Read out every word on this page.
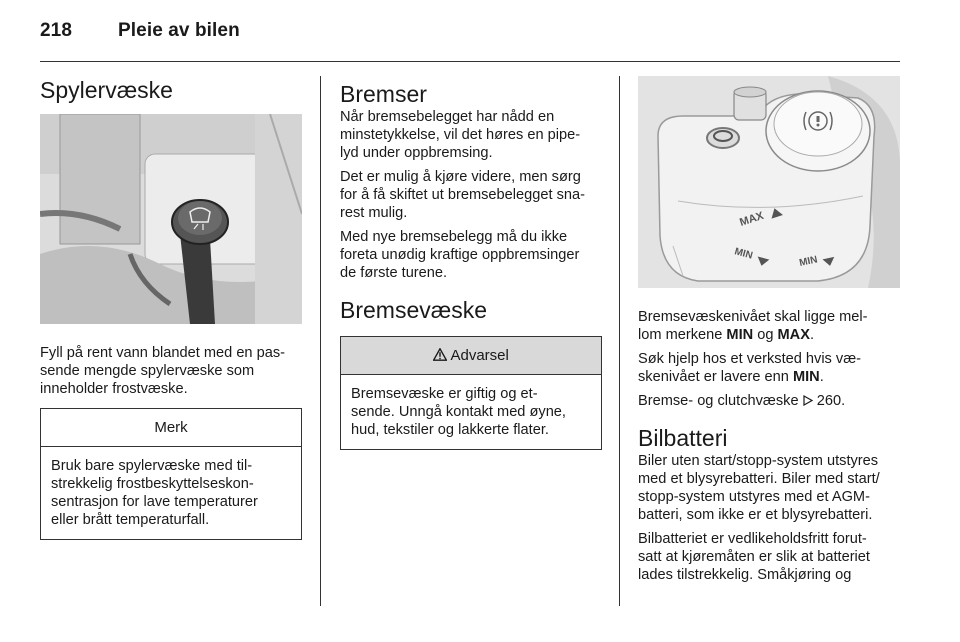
218 Pleie av bilen
Spylervæske

Fyll på rent vann blandet med en pas-

sende mengde spylervæske som

inneholder frostvæske.

Merk

Bruk bare spylervæske med til-

strekkelig frostbeskyttelseskon-

sentrasjon for lave temperaturer

eller brått temperaturfall.

Bremser

Når bremsebelegget har nådd en

minstetykkelse, vil det høres en pipe-

lyd under oppbremsing.

Det er mulig å kjøre videre, men sørg

for å få skiftet ut bremsebelegget sna-

rest mulig.

Med nye bremsebelegg må du ikke

foreta unødig kraftige oppbremsinger

de første turene.

Bremsevæske
Advarsel

Bremsevæske er giftig og et-

sende. Unngå kontakt med øyne,

hud, tekstiler og lakkerte flater.

MAX
MIN
MIN

Bremsevæskenivået skal ligge mel-

lom merkene MIN og MAX.

Søk hjelp hos et verksted hvis væ-

skenivået er lavere enn MIN.

Bremse- og clutchvæske  260.
Bilbatteri

Biler uten start/stopp-system utstyres

med et blysyrebatteri. Biler med start/

stopp-system utstyres med et AGM-

batteri, som ikke er et blysyrebatteri.

Bilbatteriet er vedlikeholdsfritt forut-

satt at kjøremåten er slik at batteriet

lades tilstrekkelig. Småkjøring og
